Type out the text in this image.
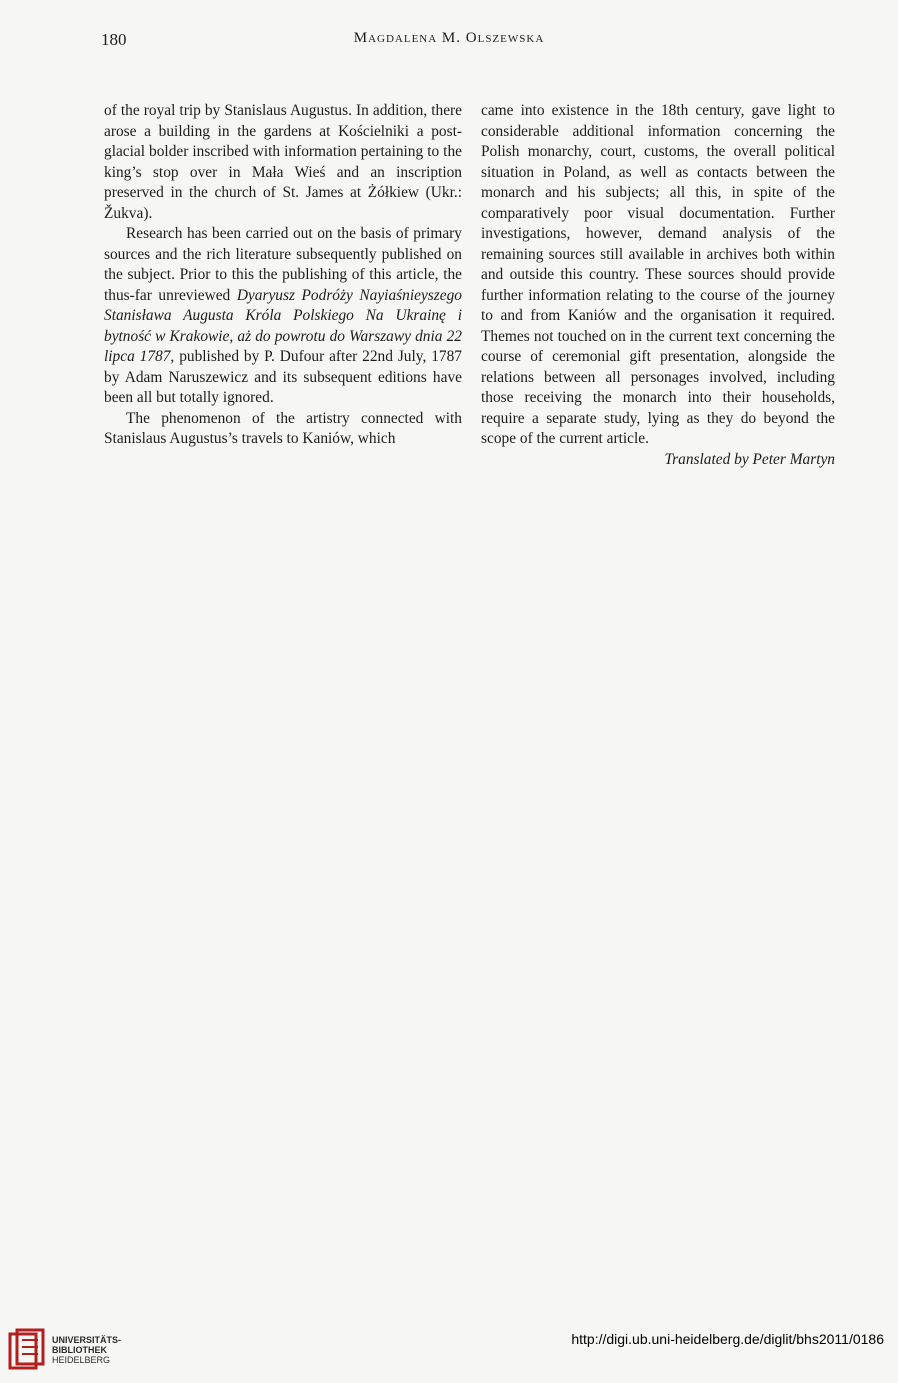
180	Magdalena M. Olszewska

of the royal trip by Stanislaus Augustus. In addition, there arose a building in the gardens at Kościelniki a post-glacial bolder inscribed with information pertaining to the king’s stop over in Mała Wieś and an inscription preserved in the church of St. James at Żółkiew (Ukr.: Žukva).

Research has been carried out on the basis of primary sources and the rich literature subsequently published on the subject. Prior to this the publishing of this article, the thus-far unreviewed Dyaryusz Podróży Nayiaśnieyszego Stanisława Augusta Króla Polskiego Na Ukrainę i bytność w Krakowie, aż do powrotu do Warszawy dnia 22 lipca 1787, published by P. Dufour after 22nd July, 1787 by Adam Naruszewicz and its subsequent editions have been all but totally ignored.

The phenomenon of the artistry connected with Stanislaus Augustus’s travels to Kaniów, which

came into existence in the 18th century, gave light to considerable additional information concerning the Polish monarchy, court, customs, the overall political situation in Poland, as well as contacts between the monarch and his subjects; all this, in spite of the comparatively poor visual documentation. Further investigations, however, demand analysis of the remaining sources still available in archives both within and outside this country. These sources should provide further information relating to the course of the journey to and from Kaniów and the organisation it required. Themes not touched on in the current text concerning the course of ceremonial gift presentation, alongside the relations between all personages involved, including those receiving the monarch into their households, require a separate study, lying as they do beyond the scope of the current article.

Translated by Peter Martyn

UNIVERSITÄTS-
BIBLIOTHEK
HEIDELBERG
http://digi.ub.uni-heidelberg.de/diglit/bhs2011/0186
